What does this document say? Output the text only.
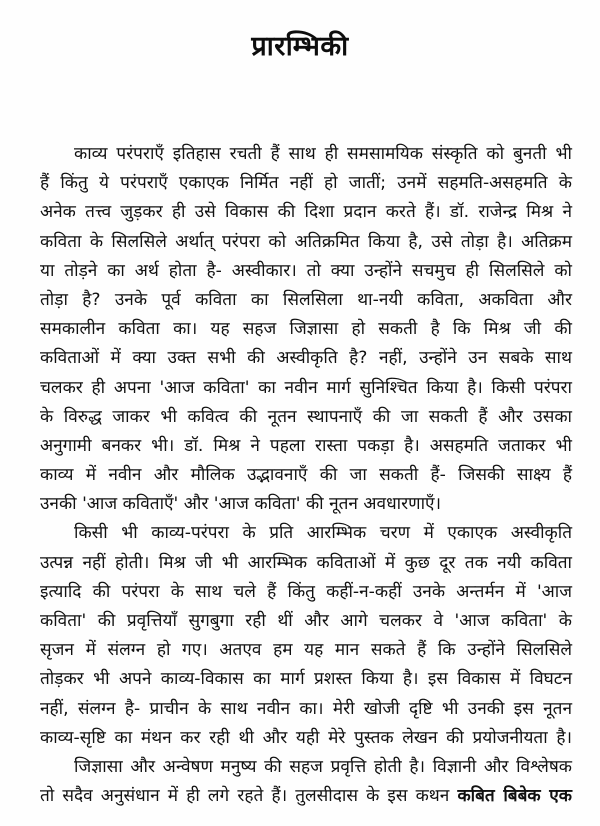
प्रारम्भिकी
काव्य परंपराएँ इतिहास रचती हैं साथ ही समसामयिक संस्कृति को बुनती भी
हैं किंतु ये परंपराएँ एकाएक निर्मित नहीं हो जातीं; उनमें सहमति-असहमति के
अनेक तत्त्व जुड़कर ही उसे विकास की दिशा प्रदान करते हैं। डॉ. राजेन्द्र मिश्र ने
कविता के सिलसिले अर्थात् परंपरा को अतिक्रमित किया है, उसे तोड़ा है। अतिक्रम
या तोड़ने का अर्थ होता है- अस्वीकार। तो क्या उन्होंने सचमुच ही सिलसिले को
तोड़ा है? उनके पूर्व कविता का सिलसिला था-नयी कविता, अकविता और
समकालीन कविता का। यह सहज जिज्ञासा हो सकती है कि मिश्र जी की
कविताओं में क्या उक्त सभी की अस्वीकृति है? नहीं, उन्होंने उन सबके साथ
चलकर ही अपना 'आज कविता' का नवीन मार्ग सुनिश्चित किया है। किसी परंपरा
के विरुद्ध जाकर भी कवित्व की नूतन स्थापनाएँ की जा सकती हैं और उसका
अनुगामी बनकर भी। डॉ. मिश्र ने पहला रास्ता पकड़ा है। असहमति जताकर भी
काव्य में नवीन और मौलिक उद्भावनाएँ की जा सकती हैं- जिसकी साक्ष्य हैं
उनकी 'आज कविताएँ' और 'आज कविता' की नूतन अवधारणाएँ।
किसी भी काव्य-परंपरा के प्रति आरम्भिक चरण में एकाएक अस्वीकृति
उत्पन्न नहीं होती। मिश्र जी भी आरम्भिक कविताओं में कुछ दूर तक नयी कविता
इत्यादि की परंपरा के साथ चले हैं किंतु कहीं-न-कहीं उनके अन्तर्मन में 'आज
कविता' की प्रवृत्तियाँ सुगबुगा रही थीं और आगे चलकर वे 'आज कविता' के
सृजन में संलग्न हो गए। अतएव हम यह मान सकते हैं कि उन्होंने सिलसिले
तोड़कर भी अपने काव्य-विकास का मार्ग प्रशस्त किया है। इस विकास में विघटन
नहीं, संलग्न है- प्राचीन के साथ नवीन का। मेरी खोजी दृष्टि भी उनकी इस नूतन
काव्य-सृष्टि का मंथन कर रही थी और यही मेरे पुस्तक लेखन की प्रयोजनीयता है।
जिज्ञासा और अन्वेषण मनुष्य की सहज प्रवृत्ति होती है। विज्ञानी और विश्लेषक
तो सदैव अनुसंधान में ही लगे रहते हैं। तुलसीदास के इस कथन कबित बिबेक एक
